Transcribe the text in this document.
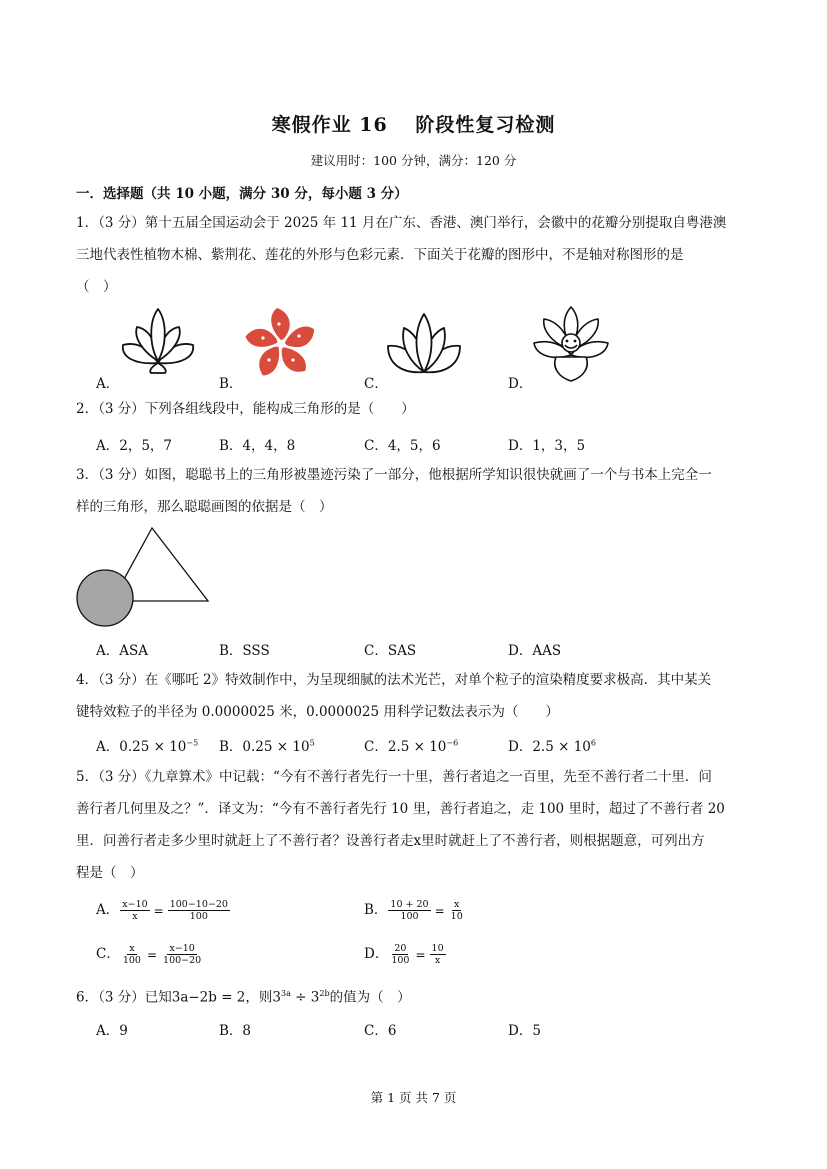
寒假作业 16　 阶段性复习检测
建议用时：100 分钟，满分：120 分
一．选择题（共 10 小题，满分 30 分，每小题 3 分）
1．（3 分）第十五届全国运动会于 2025 年 11 月在广东、香港、澳门举行，会徽中的花瓣分别提取自粤港澳
三地代表性植物木棉、紫荆花、莲花的外形与色彩元素．下面关于花瓣的图形中，不是轴对称图形的是
（　）
A．	B．	C．	D．
2．（3 分）下列各组线段中，能构成三角形的是（　　）
A．2，5，7	B．4，4，8	C．4，5，6	D．1，3，5
3．（3 分）如图，聪聪书上的三角形被墨迹污染了一部分，他根据所学知识很快就画了一个与书本上完全一
样的三角形，那么聪聪画图的依据是（　）
A．ASA	B．SSS	C．SAS	D．AAS
4．（3 分）在《哪吒 2》特效制作中，为呈现细腻的法术光芒，对单个粒子的渲染精度要求极高．其中某关
键特效粒子的半径为 0.0000025 米，0.0000025 用科学记数法表示为（　　）
A．$0.25 \times 10^{-5}$ B．$0.25 \times 10^5$	C．$2.5 \times 10^{-6}$	D．$2.5 \times 10^6$
5．（3 分）《九章算术》中记载：“今有不善行者先行一十里，善行者追之一百里，先至不善行者二十里．问
善行者几何里及之？”．译文为：“今有不善行者先行 10 里，善行者追之，走 100 里时，超过了不善行者 20
里．问善行者走多少里时就赶上了不善行者？设善行者走x里时就赶上了不善行者，则根据题意，可列出方
程是（　）
A． $\frac{x-10}{x} = \frac{100-10-20}{100}$	B． $\frac{10 + 20}{100} = \frac{x}{10}$
C． $\frac{x}{100} = \frac{x-10}{100-20}$	D． $\frac{20}{100} = \frac{10}{x}$
6．（3 分）已知3a−2b = 2，则$3^{3a} \div 3^{2b}$的值为（　）
A．9	B．8	C．6	D．5
第 1 页 共 7 页
